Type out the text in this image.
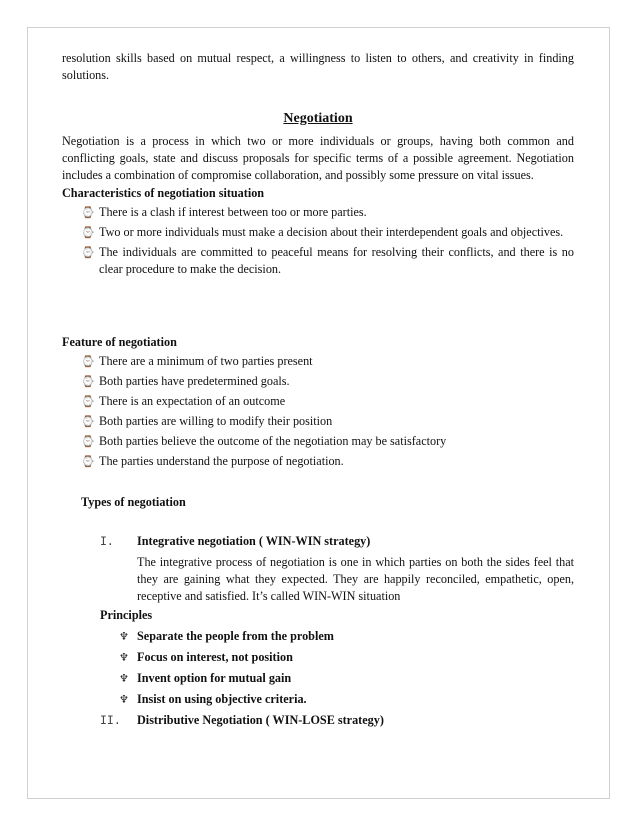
resolution skills based on mutual respect, a willingness to listen to others, and creativity in finding solutions.

Negotiation

Negotiation is a process in which two or more individuals or groups, having both common and conflicting goals, state and discuss proposals for specific terms of a possible agreement. Negotiation includes a combination of compromise collaboration, and possibly some pressure on vital issues.

Characteristics of negotiation situation
⌚ There is a clash if interest between too or more parties.
⌚ Two or more individuals must make a decision about their interdependent goals and objectives.
⌚ The individuals are committed to peaceful means for resolving their conflicts, and there is no clear procedure to make the decision.
Feature of negotiation
⌚ There are a minimum of two parties present
⌚ Both parties have predetermined goals.
⌚ There is an expectation of an outcome
⌚ Both parties are willing to modify their position
⌚ Both parties believe the outcome of the negotiation may be satisfactory
⌚ The parties understand the purpose of negotiation.
Types of negotiation
I. Integrative negotiation ( WIN-WIN strategy)

The integrative process of negotiation is one in which parties on both the sides feel that they are gaining what they expected. They are happily reconciled, empathetic, open, receptive and satisfied. It’s called WIN-WIN situation

Principles
♆ Separate the people from the problem
♆ Focus on interest, not position
♆ Invent option for mutual gain
♆ Insist on using objective criteria.
II. Distributive Negotiation ( WIN-LOSE strategy)
